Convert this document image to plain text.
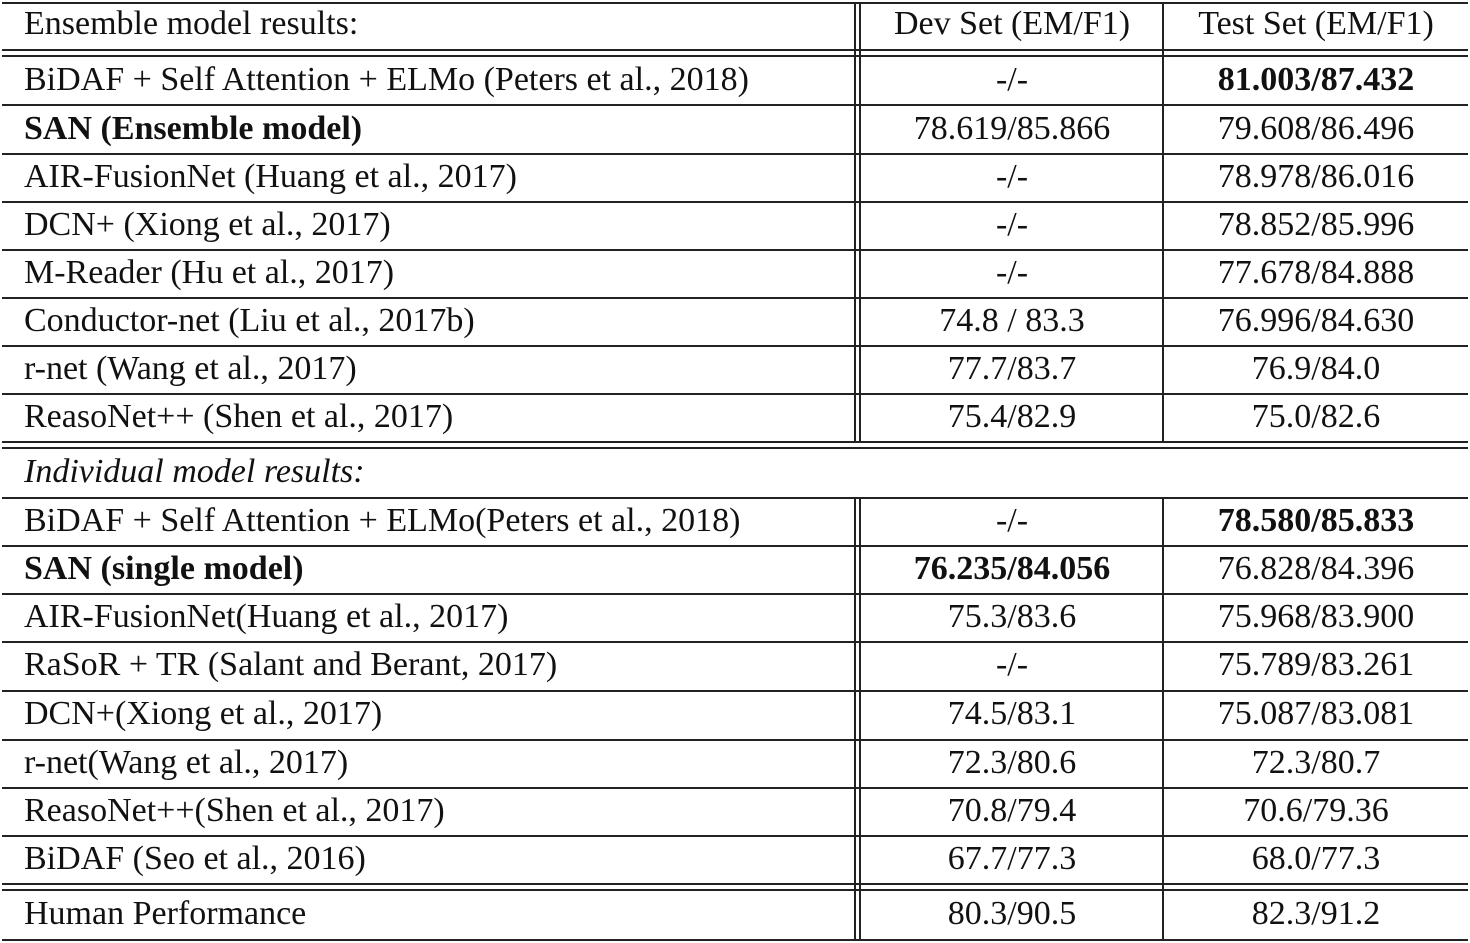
Ensemble model results:	Dev Set (EM/F1)	Test Set (EM/F1)
BiDAF + Self Attention + ELMo (Peters et al., 2018)	-/-	81.003/87.432
SAN (Ensemble model)	78.619/85.866	79.608/86.496
AIR-FusionNet (Huang et al., 2017)	-/-	78.978/86.016
DCN+ (Xiong et al., 2017)	-/-	78.852/85.996
M-Reader (Hu et al., 2017)	-/-	77.678/84.888
Conductor-net (Liu et al., 2017b)	74.8 / 83.3	76.996/84.630
r-net (Wang et al., 2017)	77.7/83.7	76.9/84.0
ReasoNet++ (Shen et al., 2017)	75.4/82.9	75.0/82.6
Individual model results:
BiDAF + Self Attention + ELMo(Peters et al., 2018)	-/-	78.580/85.833
SAN (single model)	76.235/84.056	76.828/84.396
AIR-FusionNet(Huang et al., 2017)	75.3/83.6	75.968/83.900
RaSoR + TR (Salant and Berant, 2017)	-/-	75.789/83.261
DCN+(Xiong et al., 2017)	74.5/83.1	75.087/83.081
r-net(Wang et al., 2017)	72.3/80.6	72.3/80.7
ReasoNet++(Shen et al., 2017)	70.8/79.4	70.6/79.36
BiDAF (Seo et al., 2016)	67.7/77.3	68.0/77.3
Human Performance	80.3/90.5	82.3/91.2
